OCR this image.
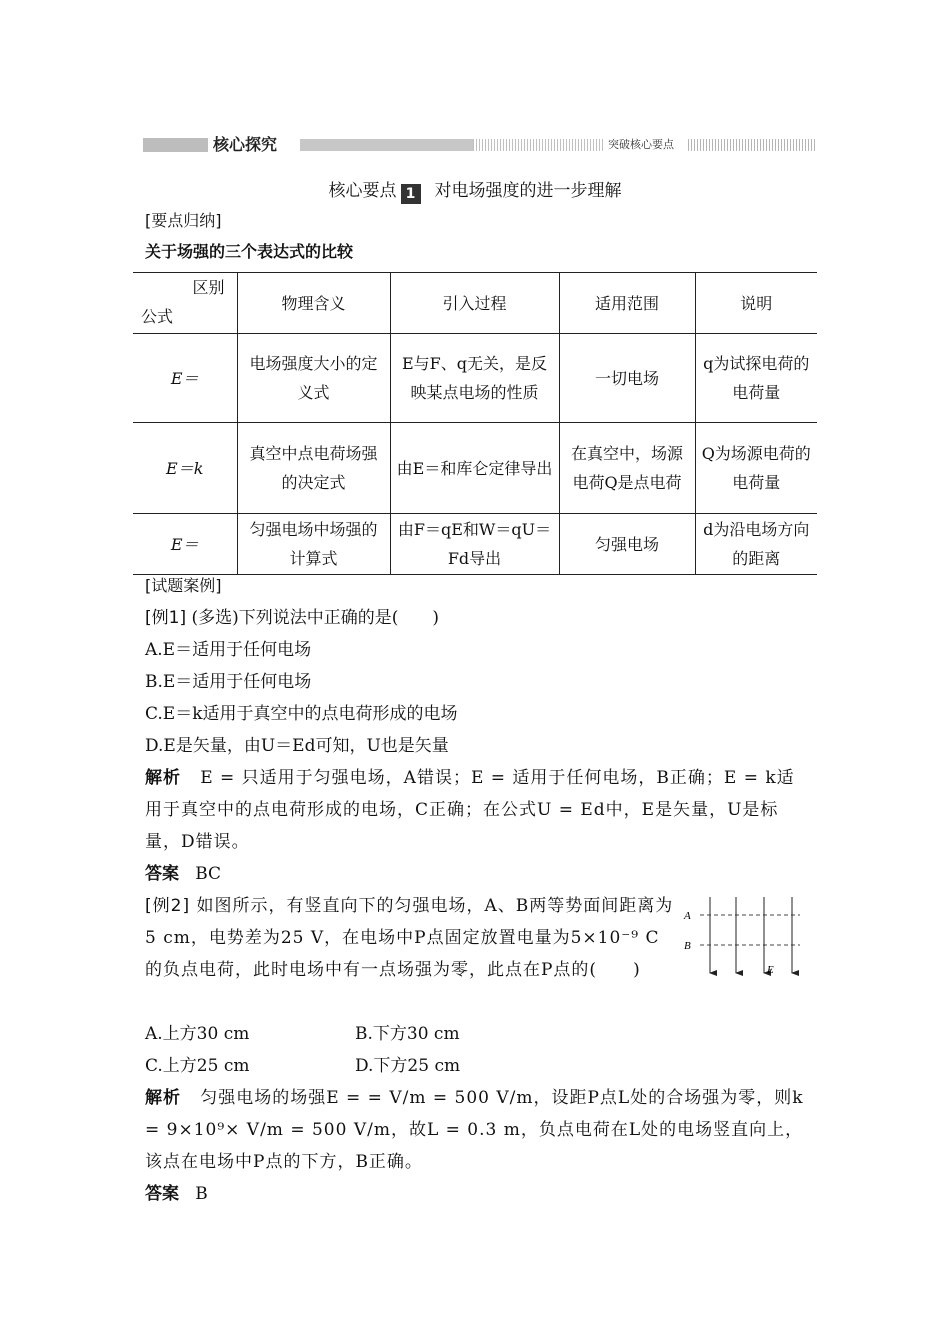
核心探究	突破核心要点
核心要点 1 对电场强度的进一步理解
[要点归纳]
关于场强的三个表达式的比较
区别
公式	物理含义	引入过程	适用范围	说明
E＝	电场强度大小的定义式	E与F、q无关，是反映某点电场的性质	一切电场	q为试探电荷的电荷量
E＝k	真空中点电荷场强的决定式	由E＝和库仑定律导出	在真空中，场源电荷Q是点电荷	Q为场源电荷的电荷量
E＝	匀强电场中场强的计算式	由F＝qE和W＝qU＝Fd导出	匀强电场	d为沿电场方向的距离
[试题案例]
[例1] (多选)下列说法中正确的是(　　)
A.E＝适用于任何电场
B.E＝适用于任何电场
C.E＝k适用于真空中的点电荷形成的电场
D.E是矢量，由U＝Ed可知，U也是矢量
解析 E = 只适用于匀强电场，A错误；E = 适用于任何电场，B正确；E = k适用于真空中的点电荷形成的电场，C正确；在公式U = Ed中，E是矢量，U是标量，D错误。
答案 BC
[例2] 如图所示，有竖直向下的匀强电场，A、B两等势面间距离为5 cm，电势差为25 V，在电场中P点固定放置电量为5×10⁻⁹ C的负点电荷，此时电场中有一点场强为零，此点在P点的(　　)
A
B
E
A.上方30 cm	B.下方30 cm
C.上方25 cm	D.下方25 cm
解析 匀强电场的场强E = = V/m = 500 V/m，设距P点L处的合场强为零，则k = 9×10⁹× V/m = 500 V/m，故L = 0.3 m，负点电荷在L处的电场竖直向上，该点在电场中P点的下方，B正确。
答案 B
